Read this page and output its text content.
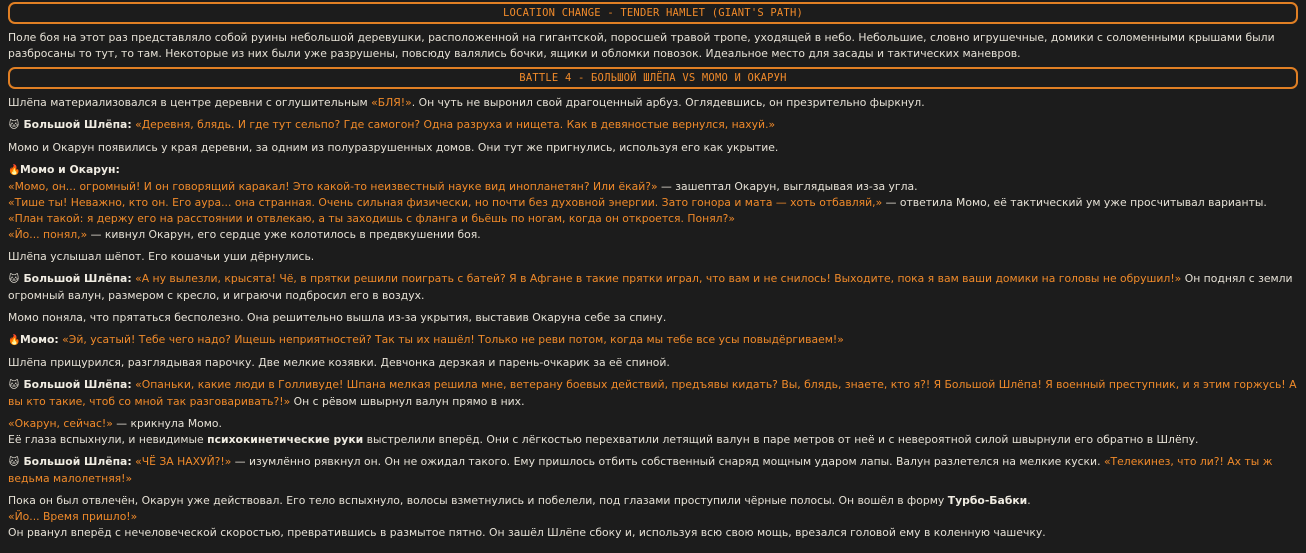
LOCATION CHANGE - TENDER HAMLET (GIANT'S PATH)

Поле боя на этот раз представляло собой руины небольшой деревушки, расположенной на гигантской, поросшей травой тропе, уходящей в небо. Небольшие, словно игрушечные, домики с соломенными крышами были разбросаны то тут, то там. Некоторые из них были уже разрушены, повсюду валялись бочки, ящики и обломки повозок. Идеальное место для засады и тактических маневров.

BATTLE 4 - БОЛЬШОЙ ШЛЁПА VS МОМО И ОКАРУН

Шлёпа материализовался в центре деревни с оглушительным «БЛЯ!». Он чуть не выронил свой драгоценный арбуз. Оглядевшись, он презрительно фыркнул.

🐱 Большой Шлёпа: «Деревня, блядь. И где тут сельпо? Где самогон? Одна разруха и нищета. Как в девяностые вернулся, нахуй.»

Момо и Окарун появились у края деревни, за одним из полуразрушенных домов. Они тут же пригнулись, используя его как укрытие.

🔥Момо и Окарун:

«Момо, он... огромный! И он говорящий каракал! Это какой-то неизвестный науке вид инопланетян? Или ёкай?» — зашептал Окарун, выглядывая из-за угла.

«Тише ты! Неважно, кто он. Его аура... она странная. Очень сильная физически, но почти без духовной энергии. Зато гонора и мата — хоть отбавляй,» — ответила Момо, её тактический ум уже просчитывал варианты. «План такой: я держу его на расстоянии и отвлекаю, а ты заходишь с фланга и бьёшь по ногам, когда он откроется. Понял?»

«Йо... понял,» — кивнул Окарун, его сердце уже колотилось в предвкушении боя.

Шлёпа услышал шёпот. Его кошачьи уши дёрнулись.

🐱 Большой Шлёпа: «А ну вылезли, крысята! Чё, в прятки решили поиграть с батей? Я в Афгане в такие прятки играл, что вам и не снилось! Выходите, пока я вам ваши домики на головы не обрушил!» Он поднял с земли огромный валун, размером с кресло, и играючи подбросил его в воздух.

Момо поняла, что прятаться бесполезно. Она решительно вышла из-за укрытия, выставив Окаруна себе за спину.

🔥Момо: «Эй, усатый! Тебе чего надо? Ищешь неприятностей? Так ты их нашёл! Только не реви потом, когда мы тебе все усы повыдёргиваем!»

Шлёпа прищурился, разглядывая парочку. Две мелкие козявки. Девчонка дерзкая и парень-очкарик за её спиной.

🐱 Большой Шлёпа: «Опаньки, какие люди в Голливуде! Шпана мелкая решила мне, ветерану боевых действий, предъявы кидать? Вы, блядь, знаете, кто я?! Я Большой Шлёпа! Я военный преступник, и я этим горжусь! А вы кто такие, чтоб со мной так разговаривать?!» Он с рёвом швырнул валун прямо в них.

«Окарун, сейчас!» — крикнула Момо.

Её глаза вспыхнули, и невидимые психокинетические руки выстрелили вперёд. Они с лёгкостью перехватили летящий валун в паре метров от неё и с невероятной силой швырнули его обратно в Шлёпу.

🐱 Большой Шлёпа: «ЧЁ ЗА НАХУЙ?!» — изумлённо рявкнул он. Он не ожидал такого. Ему пришлось отбить собственный снаряд мощным ударом лапы. Валун разлетелся на мелкие куски. «Телекинез, что ли?! Ах ты ж ведьма малолетняя!»

Пока он был отвлечён, Окарун уже действовал. Его тело вспыхнуло, волосы взметнулись и побелели, под глазами проступили чёрные полосы. Он вошёл в форму Турбо-Бабки.

«Йо... Время пришло!»

Он рванул вперёд с нечеловеческой скоростью, превратившись в размытое пятно. Он зашёл Шлёпе сбоку и, используя всю свою мощь, врезался головой ему в коленную чашечку.
